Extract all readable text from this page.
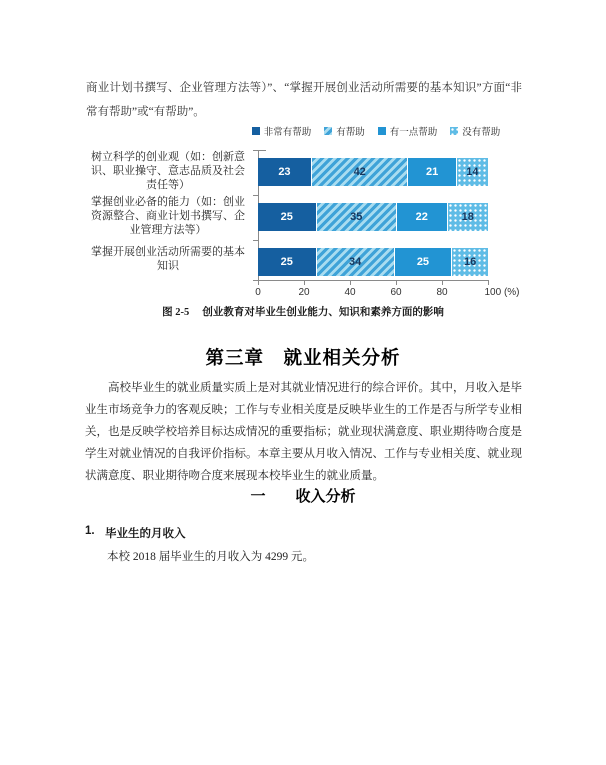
商业计划书撰写、企业管理方法等）”、“掌握开展创业活动所需要的基本知识”方面“非常有帮助”或“有帮助”。
非常有帮助	有帮助	有一点帮助	没有帮助
23	42	21	14
25	35	22	18
25	34	25	16
0	20	40	60	80	100 (%)
树立科学的创业观（如：创新意识、职业操守、意志品质及社会责任等）
掌握创业必备的能力（如：创业资源整合、商业计划书撰写、企业管理方法等）
掌握开展创业活动所需要的基本知识
图 2-5　 创业教育对毕业生创业能力、知识和素养方面的影响
第三章　就业相关分析
高校毕业生的就业质量实质上是对其就业情况进行的综合评价。其中，月收入是毕业生市场竞争力的客观反映；工作与专业相关度是反映毕业生的工作是否与所学专业相关，也是反映学校培养目标达成情况的重要指标；就业现状满意度、职业期待吻合度是学生对就业情况的自我评价指标。本章主要从月收入情况、工作与专业相关度、就业现状满意度、职业期待吻合度来展现本校毕业生的就业质量。
一　　收入分析
1. 毕业生的月收入
本校 2018 届毕业生的月收入为 4299 元。
